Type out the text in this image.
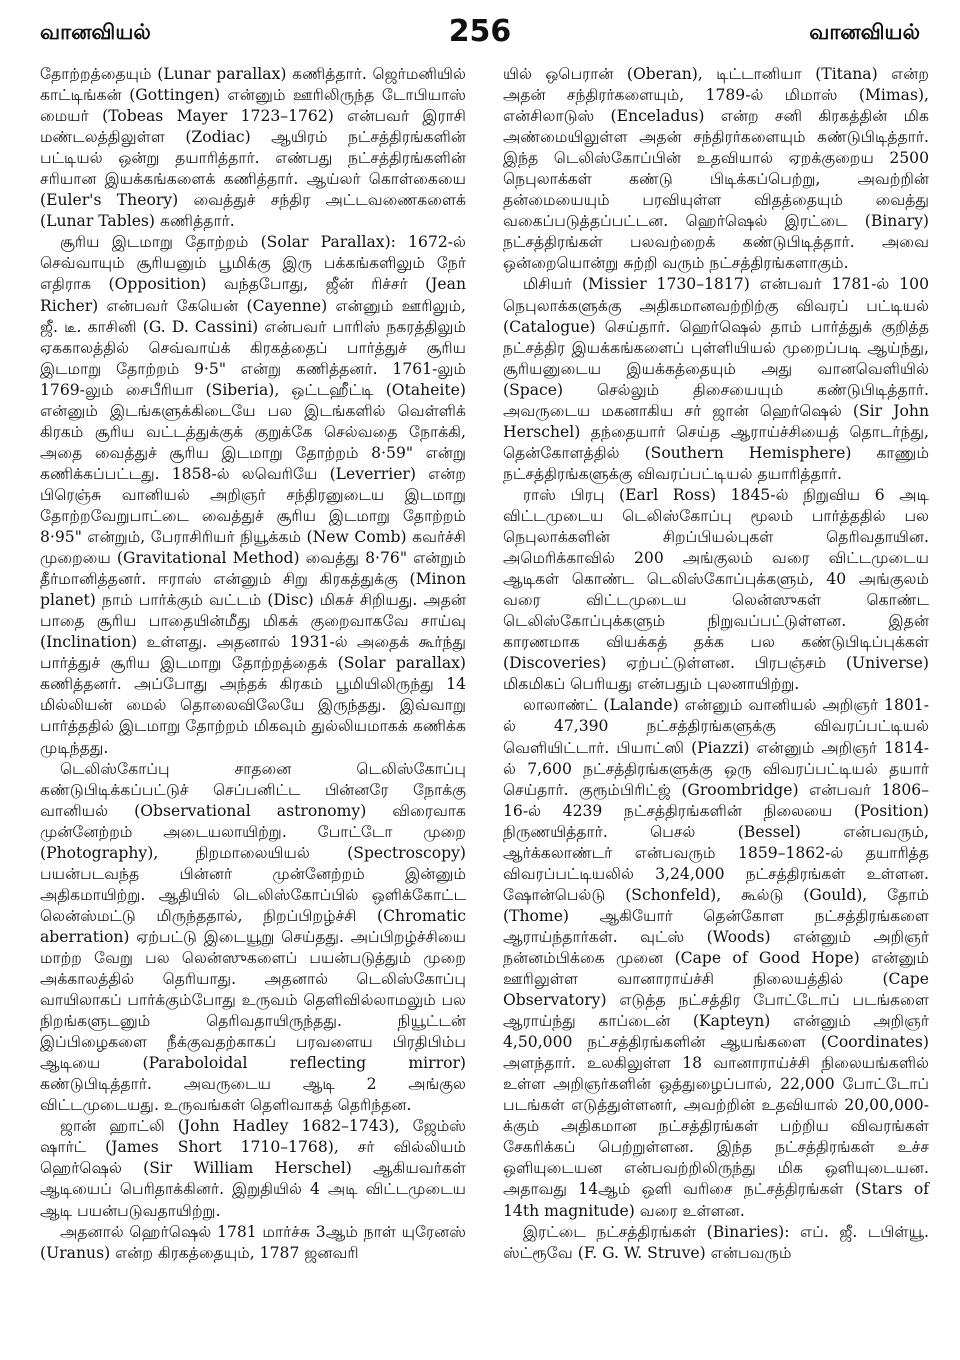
வானவியல்	256	வானவியல்

தோற்றத்தையும் (Lunar parallax) கணித்தார். ஜெர்மனியில் காட்டிங்கன் (Gottingen) என்னும் ஊரிலிருந்த டோபியாஸ் மையர் (Tobeas Mayer 1723–1762) என்பவர் இராசி மண்டலத்திலுள்ள (Zodiac) ஆயிரம் நட்சத்திரங்களின் பட்டியல் ஒன்று தயாரித்தார். எண்பது நட்சத்திரங்களின் சரியான இயக்கங்களைக் கணித்தார். ஆய்லர் கொள்கையை (Euler's Theory) வைத்துச் சந்திர அட்டவணைகளைக் (Lunar Tables) கணித்தார்.

சூரிய இடமாறு தோற்றம் (Solar Parallax): 1672-ல் செவ்வாயும் சூரியனும் பூமிக்கு இரு பக்கங்களிலும் நேர் எதிராக (Opposition) வந்தபோது, ஜீன் ரிச்சர் (Jean Richer) என்பவர் கேயென் (Cayenne) என்னும் ஊரிலும், ஜீ. டீ. காசினி (G. D. Cassini) என்பவர் பாரிஸ் நகரத்திலும் ஏககாலத்தில் செவ்வாய்க் கிரகத்தைப் பார்த்துச் சூரிய இடமாறு தோற்றம் 9·5" என்று கணித்தனர். 1761-லும் 1769-லும் சைபீரியா (Siberia), ஒட்டஹீட்டி (Otaheite) என்னும் இடங்களுக்கிடையே பல இடங்களில் வெள்ளிக் கிரகம் சூரிய வட்டத்துக்குக் குறுக்கே செல்வதை நோக்கி, அதை வைத்துச் சூரிய இடமாறு தோற்றம் 8·59" என்று கணிக்கப்பட்டது. 1858-ல் லவெரியே (Leverrier) என்ற பிரெஞ்சு வானியல் அறிஞர் சந்திரனுடைய இடமாறு தோற்றவேறுபாட்டை வைத்துச் சூரிய இடமாறு தோற்றம் 8·95" என்றும், பேராசிரியர் நியூக்கம் (New Comb) கவர்ச்சி முறையை (Gravitational Method) வைத்து 8·76" என்றும் தீர்மானித்தனர். ஈராஸ் என்னும் சிறு கிரகத்துக்கு (Minon planet) நாம் பார்க்கும் வட்டம் (Disc) மிகச் சிறியது. அதன் பாதை சூரிய பாதையின்மீது மிகக் குறைவாகவே சாய்வு (Inclination) உள்ளது. அதனால் 1931-ல் அதைக் கூர்ந்து பார்த்துச் சூரிய இடமாறு தோற்றத்தைக் (Solar parallax) கணித்தனர். அப்போது அந்தக் கிரகம் பூமியிலிருந்து 14 மில்லியன் மைல் தொலைவிலேயே இருந்தது. இவ்வாறு பார்த்ததில் இடமாறு தோற்றம் மிகவும் துல்லியமாகக் கணிக்க முடிந்தது.

டெலிஸ்கோப்பு சாதனை டெலிஸ்கோப்பு கண்டுபிடிக்கப்பட்டுச் செப்பனிட்ட பின்னரே நோக்கு வானியல் (Observational astronomy) விரைவாக முன்னேற்றம் அடையலாயிற்று. போட்டோ முறை (Photography), நிறமாலையியல் (Spectroscopy) பயன்படவந்த பின்னர் முன்னேற்றம் இன்னும் அதிகமாயிற்று. ஆதியில் டெலிஸ்கோப்பில் ஒளிக்கோட்ட லென்ஸ்மட்டு மிருந்ததால், நிறப்பிறழ்ச்சி (Chromatic aberration) ஏற்பட்டு இடையூறு செய்தது. அப்பிறழ்ச்சியை மாற்ற வேறு பல லென்ஸுகளைப் பயன்படுத்தும் முறை அக்காலத்தில் தெரியாது. அதனால் டெலிஸ்கோப்பு வாயிலாகப் பார்க்கும்போது உருவம் தெளிவில்லாமலும் பல நிறங்களுடனும் தெரிவதாயிருந்தது. நியூட்டன் இப்பிழைகளை நீக்குவதற்காகப் பரவளைய பிரதிபிம்ப ஆடியை (Paraboloidal reflecting mirror) கண்டுபிடித்தார். அவருடைய ஆடி 2 அங்குல விட்டமுடையது. உருவங்கள் தெளிவாகத் தெரிந்தன.

ஜான் ஹாட்லி (John Hadley 1682–1743), ஜேம்ஸ் ஷார்ட் (James Short 1710–1768), சர் வில்லியம் ஹெர்ஷெல் (Sir William Herschel) ஆகியவர்கள் ஆடியைப் பெரிதாக்கினர். இறுதியில் 4 அடி விட்டமுடைய ஆடி பயன்படுவதாயிற்று.

அதனால் ஹெர்ஷெல் 1781 மார்ச்சு 3ஆம் நாள் யுரேனஸ் (Uranus) என்ற கிரகத்தையும், 1787 ஜனவரி

யில் ஒபெரான் (Oberan), டிட்டானியா (Titana) என்ற அதன் சந்திரர்களையும், 1789-ல் மிமாஸ் (Mimas), என்சிலாடுஸ் (Enceladus) என்ற சனி கிரகத்தின் மிக அண்மையிலுள்ள அதன் சந்திரர்களையும் கண்டுபிடித்தார். இந்த டெலிஸ்கோப்பின் உதவியால் ஏறக்குறைய 2500 நெபுலாக்கள் கண்டு பிடிக்கப்பெற்று, அவற்றின் தன்மையையும் பரவியுள்ள விதத்தையும் வைத்து வகைப்படுத்தப்பட்டன. ஹெர்ஷெல் இரட்டை (Binary) நட்சத்திரங்கள் பலவற்றைக் கண்டுபிடித்தார். அவை ஒன்றையொன்று சுற்றி வரும் நட்சத்திரங்களாகும்.

மிசியர் (Missier 1730–1817) என்பவர் 1781-ல் 100 நெபுலாக்களுக்கு அதிகமானவற்றிற்கு விவரப் பட்டியல் (Catalogue) செய்தார். ஹெர்ஷெல் தாம் பார்த்துக் குறித்த நட்சத்திர இயக்கங்களைப் புள்ளியியல் முறைப்படி ஆய்ந்து, சூரியனுடைய இயக்கத்தையும் அது வானவெளியில் (Space) செல்லும் திசையையும் கண்டுபிடித்தார். அவருடைய மகனாகிய சர் ஜான் ஹெர்ஷெல் (Sir John Herschel) தந்தையார் செய்த ஆராய்ச்சியைத் தொடர்ந்து, தென்கோளத்தில் (Southern Hemisphere) காணும் நட்சத்திரங்களுக்கு விவரப்பட்டியல் தயாரித்தார்.

ராஸ் பிரபு (Earl Ross) 1845-ல் நிறுவிய 6 அடி விட்டமுடைய டெலிஸ்கோப்பு மூலம் பார்த்ததில் பல நெபுலாக்களின் சிறப்பியல்புகள் தெரிவதாயின. அமெரிக்காவில் 200 அங்குலம் வரை விட்டமுடைய ஆடிகள் கொண்ட டெலிஸ்கோப்புக்களும், 40 அங்குலம் வரை விட்டமுடைய லென்ஸுகள் கொண்ட டெலிஸ்கோப்புக்களும் நிறுவப்பட்டுள்ளன. இதன் காரணமாக வியக்கத் தக்க பல கண்டுபிடிப்புக்கள் (Discoveries) ஏற்பட்டுள்ளன. பிரபஞ்சம் (Universe) மிகமிகப் பெரியது என்பதும் புலனாயிற்று.

லாலாண்ட் (Lalande) என்னும் வானியல் அறிஞர் 1801-ல் 47,390 நட்சத்திரங்களுக்கு விவரப்பட்டியல் வெளியிட்டார். பியாட்ஸி (Piazzi) என்னும் அறிஞர் 1814-ல் 7,600 நட்சத்திரங்களுக்கு ஒரு விவரப்பட்டியல் தயார் செய்தார். குரூம்பிரிட்ஜ் (Groombridge) என்பவர் 1806–16-ல் 4239 நட்சத்திரங்களின் நிலையை (Position) நிருணயித்தார். பெசல் (Bessel) என்பவரும், ஆர்க்கலாண்டர் என்பவரும் 1859–1862-ல் தயாரித்த விவரப்பட்டியலில் 3,24,000 நட்சத்திரங்கள் உள்ளன. ஷோன்பெல்டு (Schonfeld), கூல்டு (Gould), தோம் (Thome) ஆகியோர் தென்கோள நட்சத்திரங்களை ஆராய்ந்தார்கள். வுட்ஸ் (Woods) என்னும் அறிஞர் நன்னம்பிக்கை முனை (Cape of Good Hope) என்னும் ஊரிலுள்ள வானாராய்ச்சி நிலையத்தில் (Cape Observatory) எடுத்த நட்சத்திர போட்டோப் படங்களை ஆராய்ந்து காப்டைன் (Kapteyn) என்னும் அறிஞர் 4,50,000 நட்சத்திரங்களின் ஆயங்களை (Coordinates) அளந்தார். உலகிலுள்ள 18 வானாராய்ச்சி நிலையங்களில் உள்ள அறிஞர்களின் ஒத்துழைப்பால், 22,000 போட்டோப் படங்கள் எடுத்துள்ளனர், அவற்றின் உதவியால் 20,00,000-க்கும் அதிகமான நட்சத்திரங்கள் பற்றிய விவரங்கள் சேகரிக்கப் பெற்றுள்ளன. இந்த நட்சத்திரங்கள் உச்ச ஒளியுடையன என்பவற்றிலிருந்து மிக ஒளியுடையன. அதாவது 14ஆம் ஒளி வரிசை நட்சத்திரங்கள் (Stars of 14th magnitude) வரை உள்ளன.

இரட்டை நட்சத்திரங்கள் (Binaries): எப். ஜீ. டபிள்யூ. ஸ்ட்ரூவே (F. G. W. Struve) என்பவரும்
